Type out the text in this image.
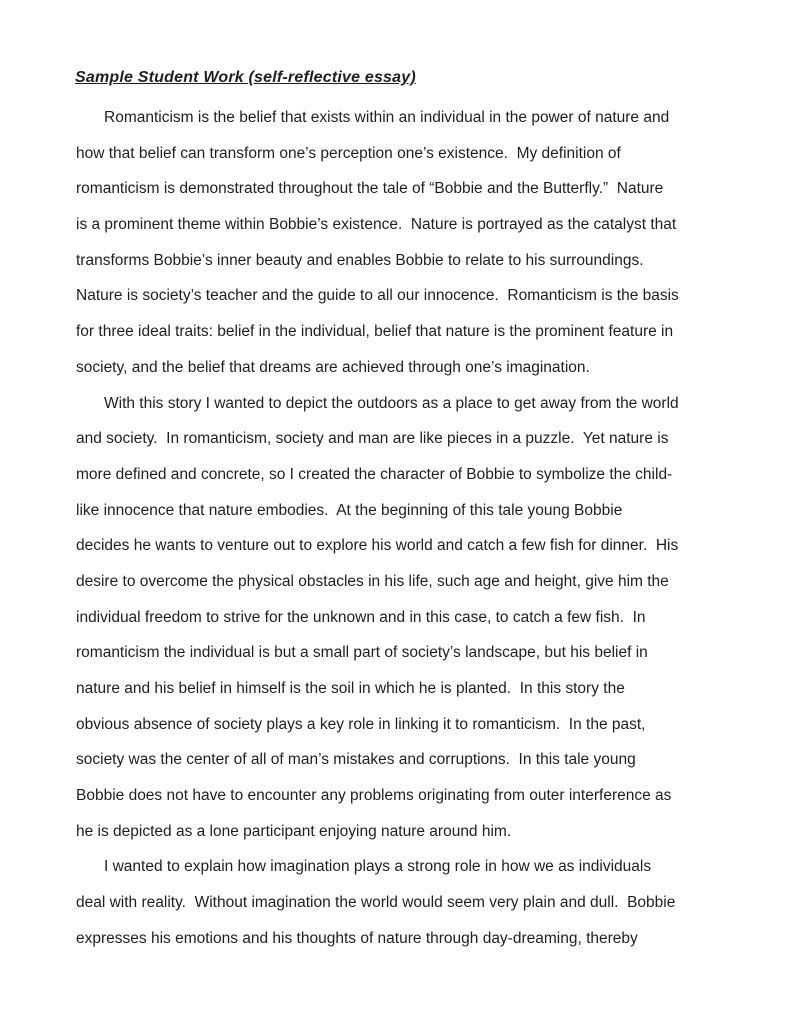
Sample Student Work (self-reflective essay)
Romanticism is the belief that exists within an individual in the power of nature and
how that belief can transform one’s perception one’s existence.  My definition of
romanticism is demonstrated throughout the tale of “Bobbie and the Butterfly.”  Nature
is a prominent theme within Bobbie’s existence.  Nature is portrayed as the catalyst that
transforms Bobbie’s inner beauty and enables Bobbie to relate to his surroundings.
Nature is society’s teacher and the guide to all our innocence.  Romanticism is the basis
for three ideal traits: belief in the individual, belief that nature is the prominent feature in
society, and the belief that dreams are achieved through one’s imagination.
With this story I wanted to depict the outdoors as a place to get away from the world
and society.  In romanticism, society and man are like pieces in a puzzle.  Yet nature is
more defined and concrete, so I created the character of Bobbie to symbolize the child-
like innocence that nature embodies.  At the beginning of this tale young Bobbie
decides he wants to venture out to explore his world and catch a few fish for dinner.  His
desire to overcome the physical obstacles in his life, such age and height, give him the
individual freedom to strive for the unknown and in this case, to catch a few fish.  In
romanticism the individual is but a small part of society’s landscape, but his belief in
nature and his belief in himself is the soil in which he is planted.  In this story the
obvious absence of society plays a key role in linking it to romanticism.  In the past,
society was the center of all of man’s mistakes and corruptions.  In this tale young
Bobbie does not have to encounter any problems originating from outer interference as
he is depicted as a lone participant enjoying nature around him.
I wanted to explain how imagination plays a strong role in how we as individuals
deal with reality.  Without imagination the world would seem very plain and dull.  Bobbie
expresses his emotions and his thoughts of nature through day-dreaming, thereby
